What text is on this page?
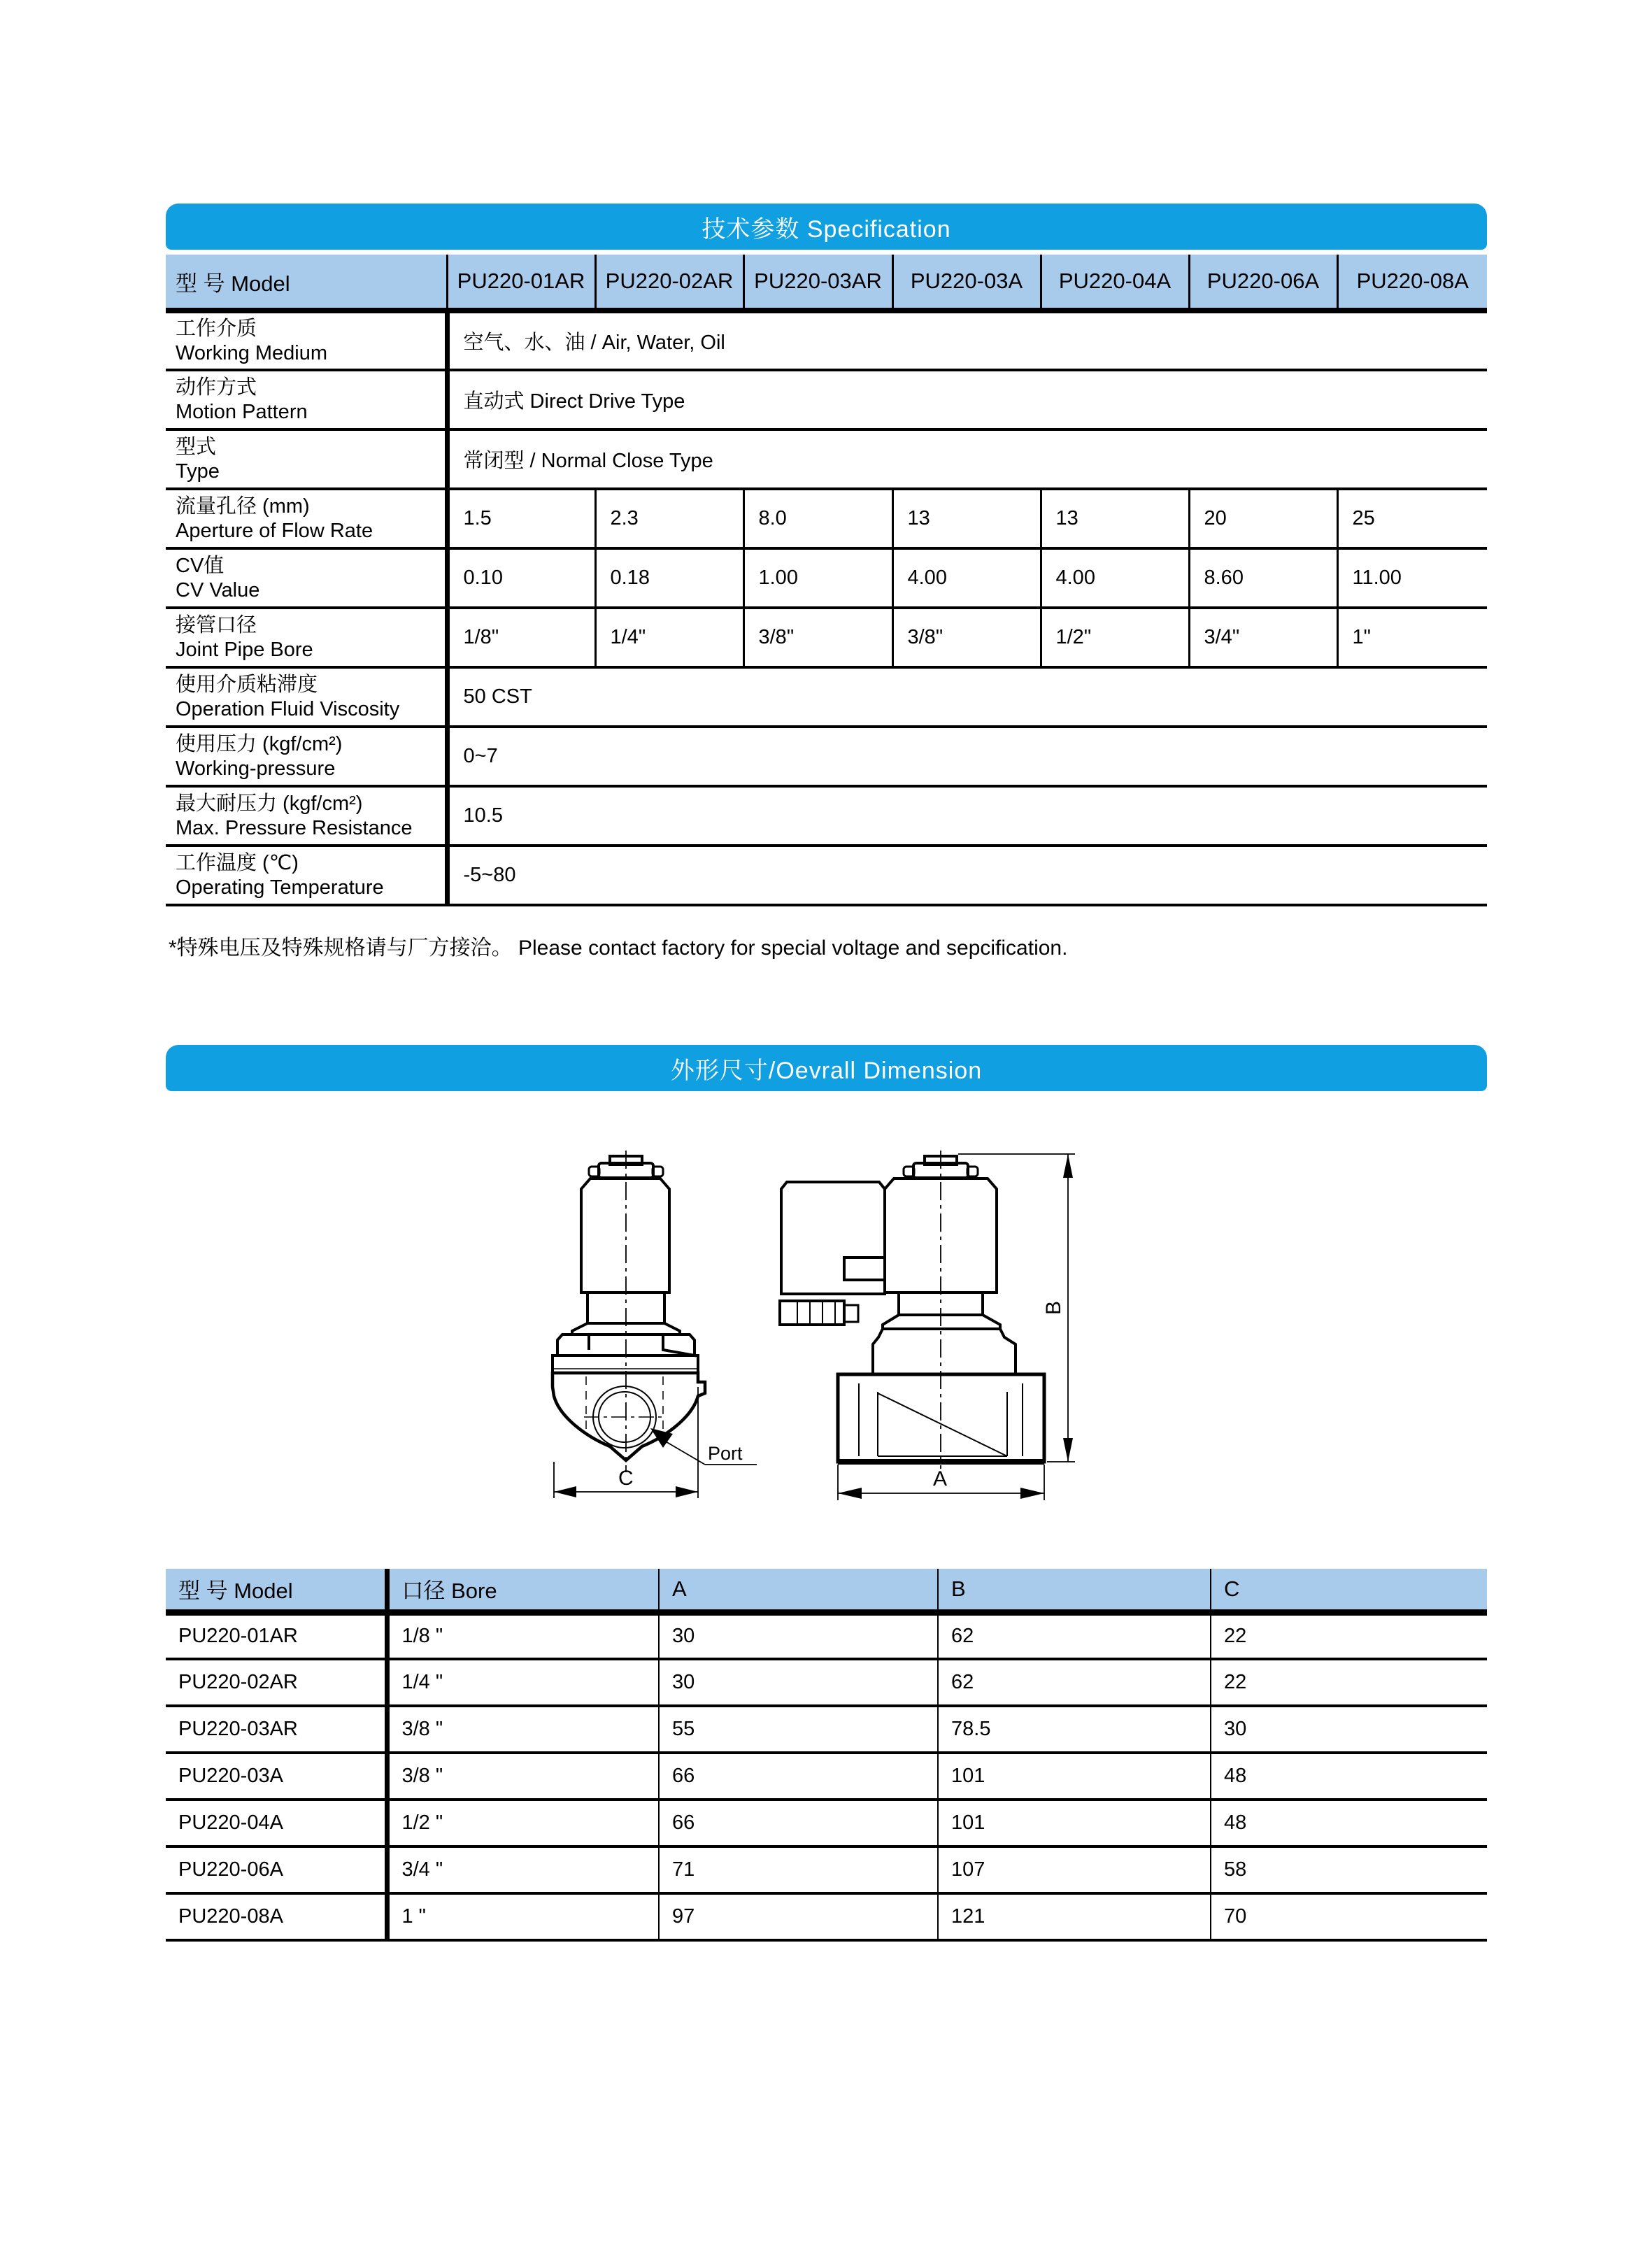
技术参数 Specification
型 号 Model	PU220-01AR	PU220-02AR	PU220-03AR	PU220-03A	PU220-04A	PU220-06A	PU220-08A

工作介质
Working Medium	空气、水、油 / Air, Water, Oil						

动作方式
Motion Pattern	直动式 Direct Drive Type						

型式
Type	常闭型 / Normal Close Type						

流量孔径 (mm)
Aperture of Flow Rate	1.5	2.3	8.0	13	13	20	25

CV值
CV Value	0.10	0.18	1.00	4.00	4.00	8.60	11.00

接管口径
Joint Pipe Bore	1/8"	1/4"	3/8"	3/8"	1/2"	3/4"	1"

使用介质粘滞度
Operation Fluid Viscosity	50 CST						

使用压力 (kgf/cm²)
Working-pressure	0~7						

最大耐压力 (kgf/cm²)
Max. Pressure Resistance	10.5						

工作温度 (℃)
Operating Temperature	-5~80						
*特殊电压及特殊规格请与厂方接洽。 Please contact factory for special voltage and sepcification.
外形尺寸/Oevrall Dimension
Port
C
B
A
型 号 Model	口径 Bore	A	B	C
PU220-01AR	1/8 "	30	62	22
PU220-02AR	1/4 "	30	62	22
PU220-03AR	3/8 "	55	78.5	30
PU220-03A	3/8 "	66	101	48
PU220-04A	1/2 "	66	101	48
PU220-06A	3/4 "	71	107	58
PU220-08A	1 "	97	121	70
